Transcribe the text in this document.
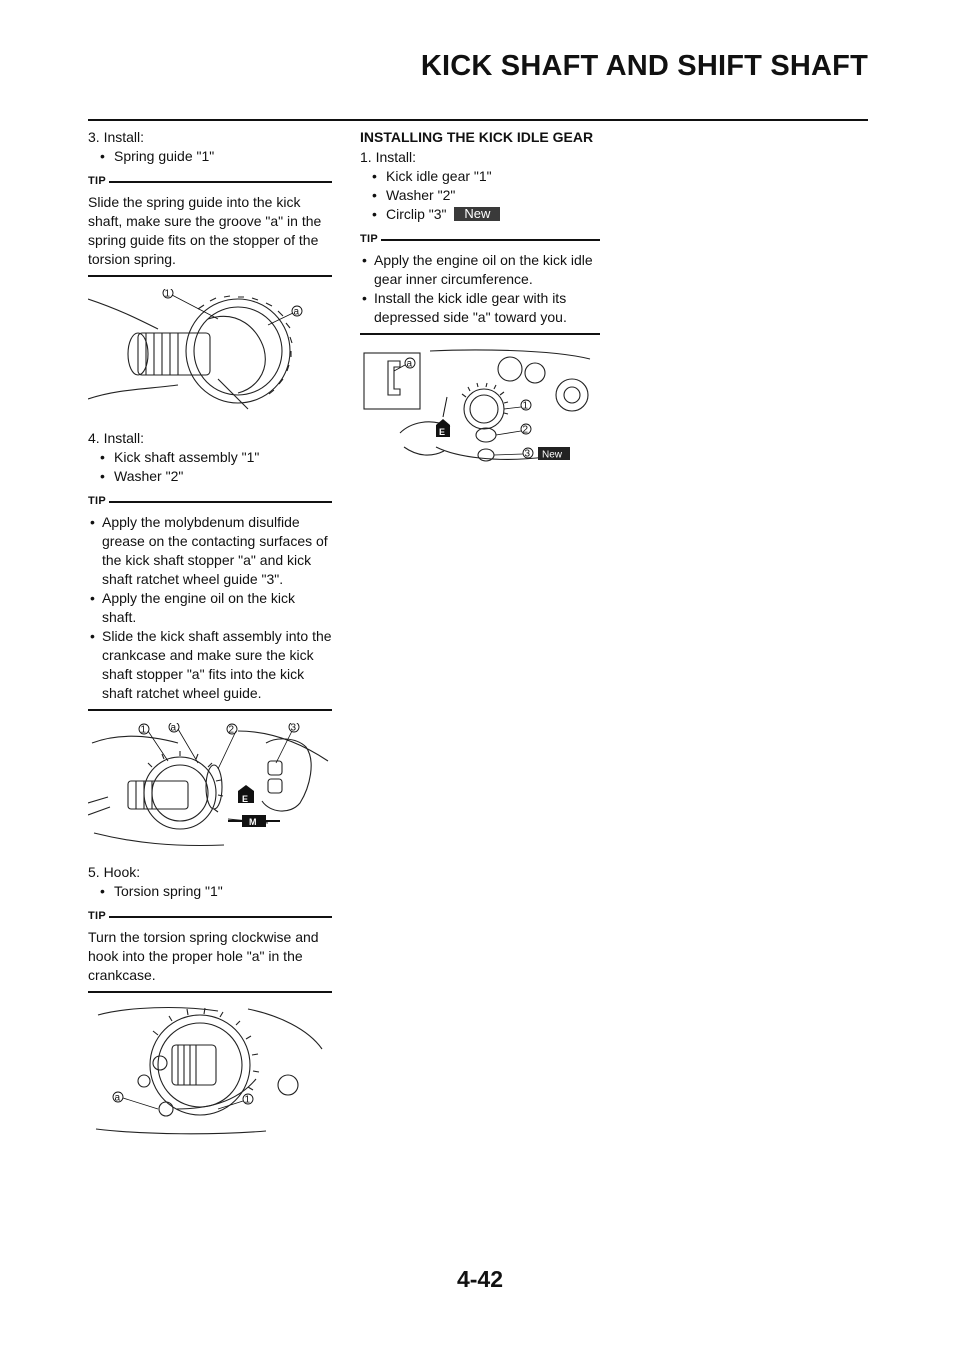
KICK SHAFT AND SHIFT SHAFT

3. Install:

• Spring guide "1"

TIP
Slide the spring guide into the kick shaft, make sure the groove "a" in the spring guide fits on the stopper of the torsion spring.
1
a

4. Install:

• Kick shaft assembly "1"

• Washer "2"

TIP
• Apply the molybdenum disulfide grease on the contacting surfaces of the kick shaft stopper "a" and kick shaft ratchet wheel guide "3".
• Apply the engine oil on the kick shaft.
• Slide the kick shaft assembly into the crankcase and make sure the kick shaft stopper "a" fits into the kick shaft ratchet wheel guide.
1 a	2	3
E
M

5. Hook:

• Torsion spring "1"

TIP
Turn the torsion spring clockwise and hook into the proper hole "a" in the crankcase.
a	1
INSTALLING THE KICK IDLE GEAR

1. Install:

• Kick idle gear "1"

• Washer "2"

• Circlip "3" New

TIP
• Apply the engine oil on the kick idle gear inner circumference.
• Install the kick idle gear with its depressed side "a" toward you.
a
1
2
3
E
New
4-42
